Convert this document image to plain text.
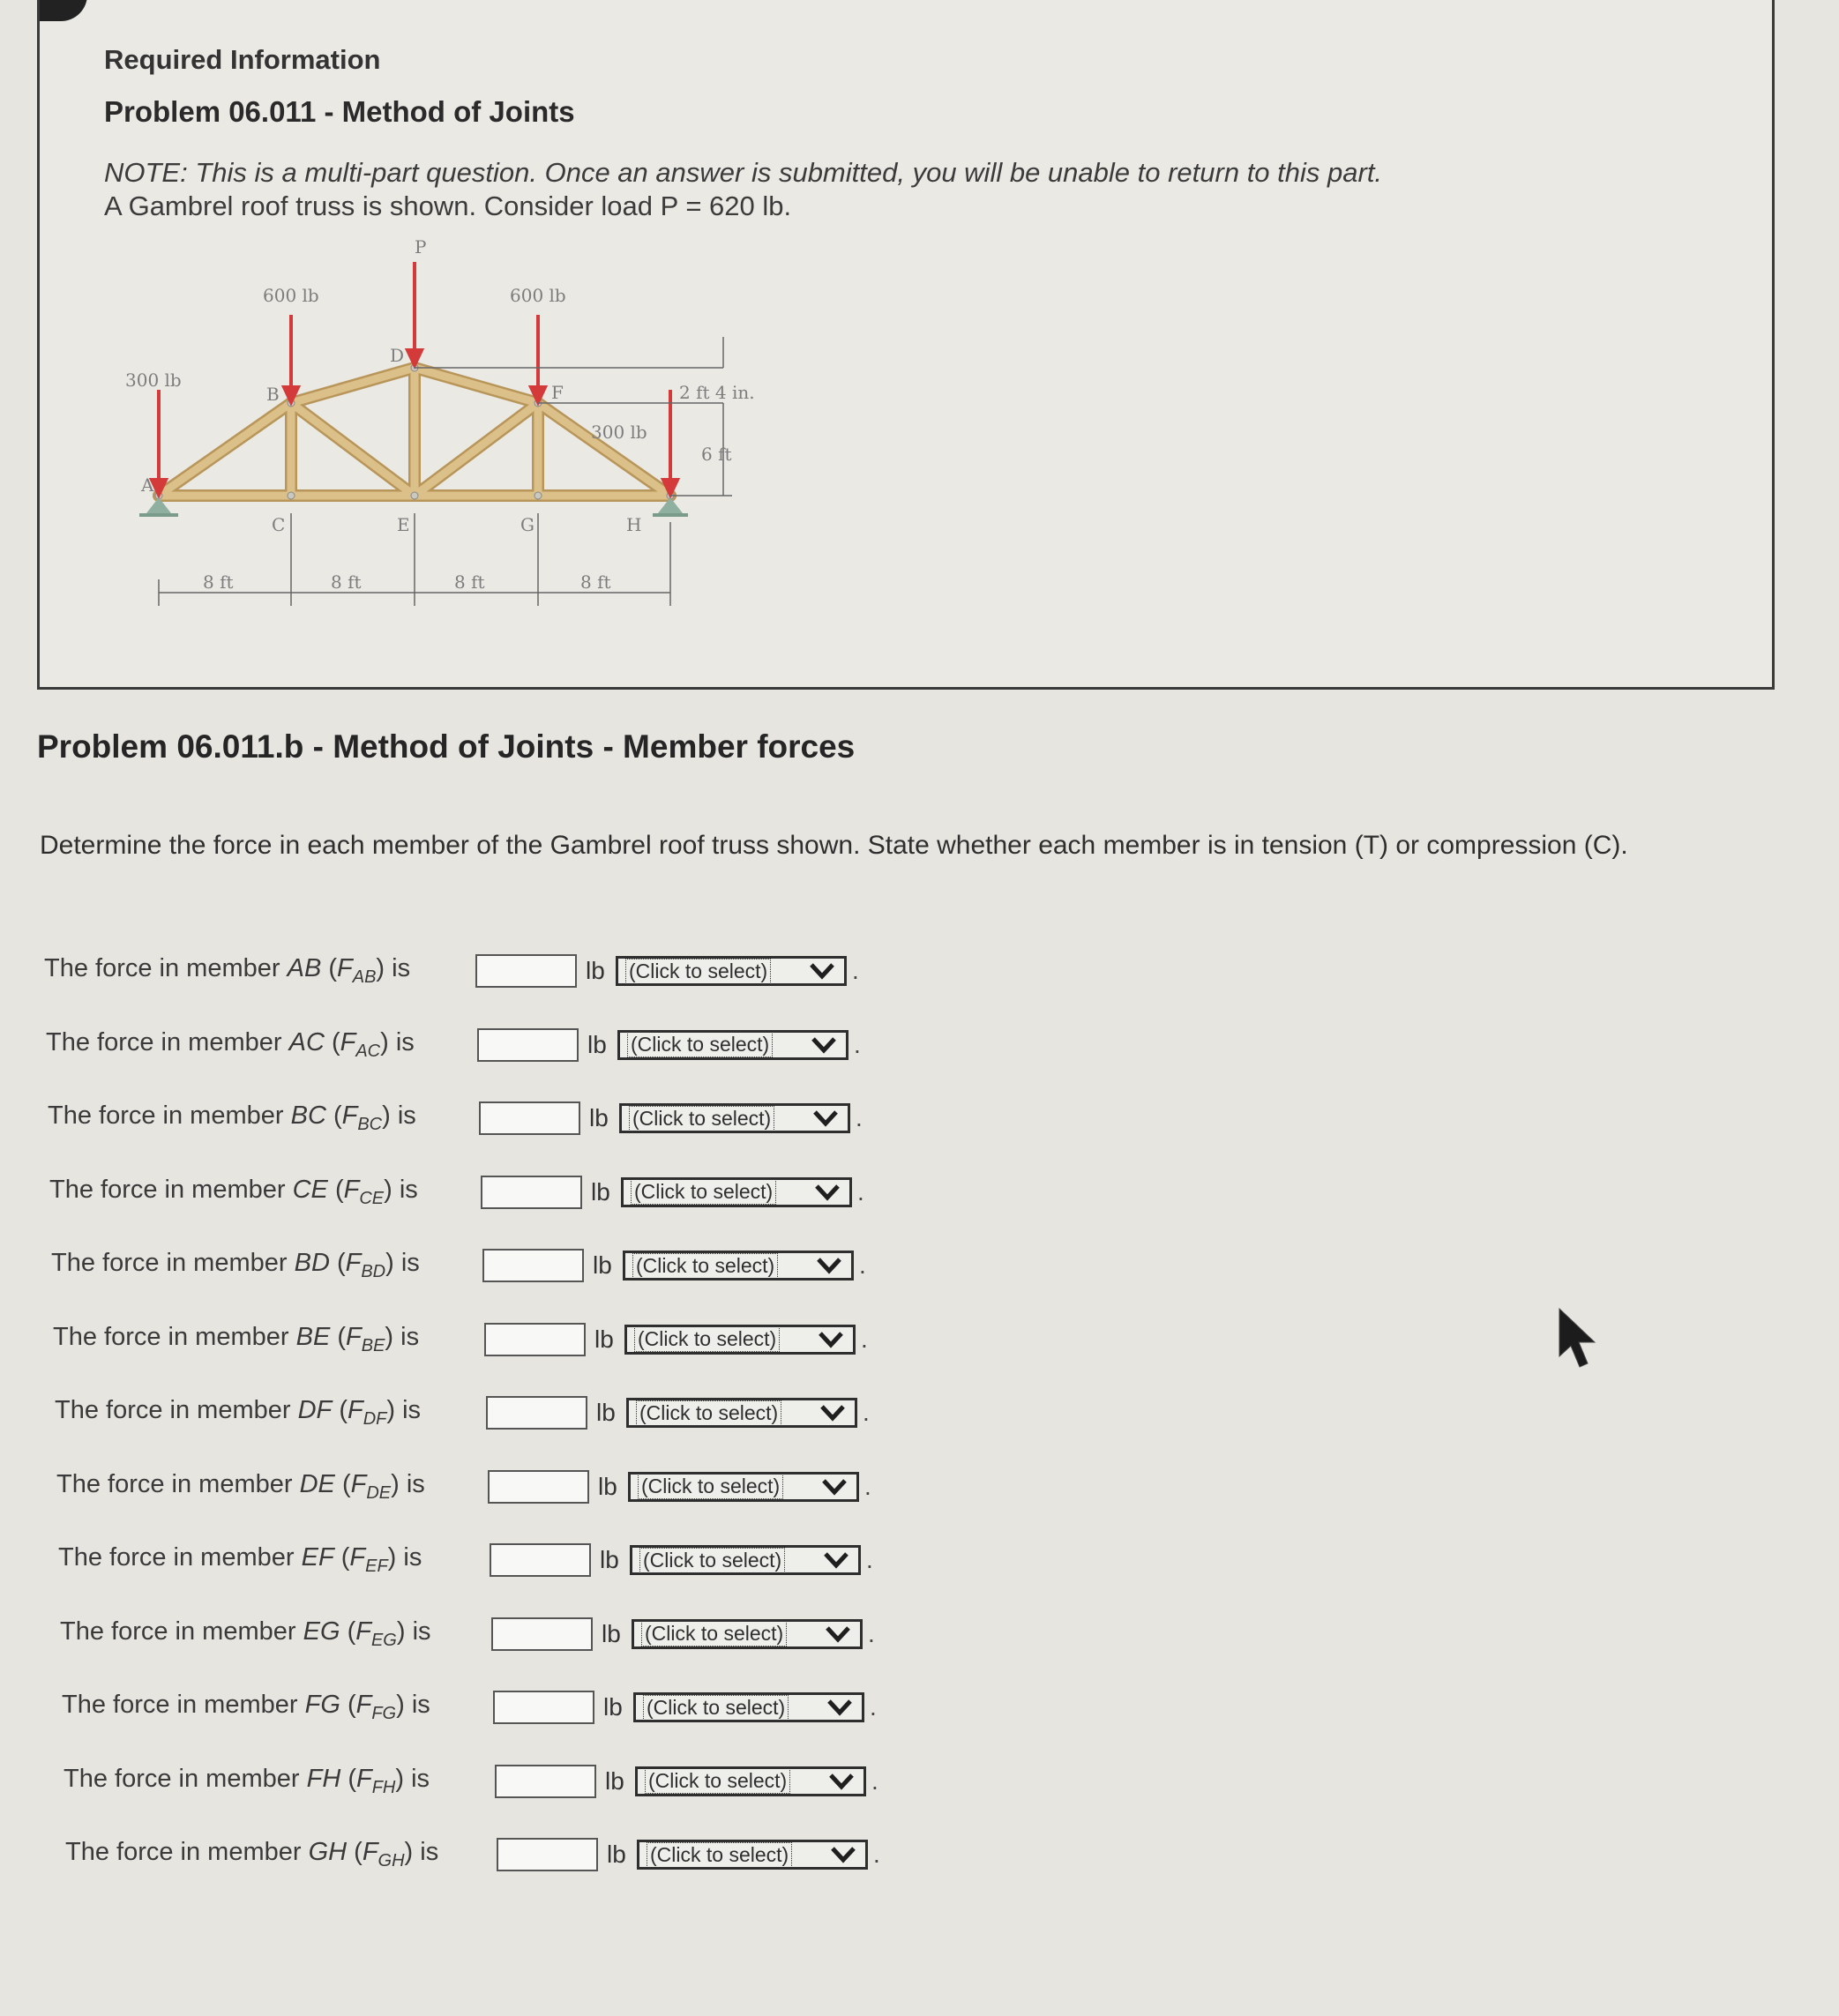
Required Information
Problem 06.011 - Method of Joints
NOTE: This is a multi-part question. Once an answer is submitted, you will be unable to return to this part.
A Gambrel roof truss is shown. Consider load P = 620 lb.
P
600 lb	600 lb
300 lb
300 lb
A
B
C
D
E
F
G	H
2 ft 4 in.
6 ft
8 ft	8 ft	8 ft	8 ft
Problem 06.011.b - Method of Joints - Member forces
Determine the force in each member of the Gambrel roof truss shown. State whether each member is in tension (T) or compression (C).
The force in member AB $(F_{AB})$ is	lb	(Click to select)	.
The force in member AC $(F_{AC})$ is	lb	(Click to select)	.
The force in member BC $(F_{BC})$ is	lb	(Click to select)	.
The force in member CE $(F_{CE})$ is	lb	(Click to select)	.
The force in member BD $(F_{BD})$ is	lb	(Click to select)	.
The force in member BE $(F_{BE})$ is	lb	(Click to select)	.
The force in member DF $(F_{DF})$ is	lb	(Click to select)	.
The force in member DE $(F_{DE})$ is	lb	(Click to select)	.
The force in member EF $(F_{EF})$ is	lb	(Click to select)	.
The force in member EG $(F_{EG})$ is	lb	(Click to select)	.
The force in member FG $(F_{FG})$ is	lb	(Click to select)	.
The force in member FH $(F_{FH})$ is	lb	(Click to select)	.
The force in member GH $(F_{GH})$ is	lb	(Click to select)	.
